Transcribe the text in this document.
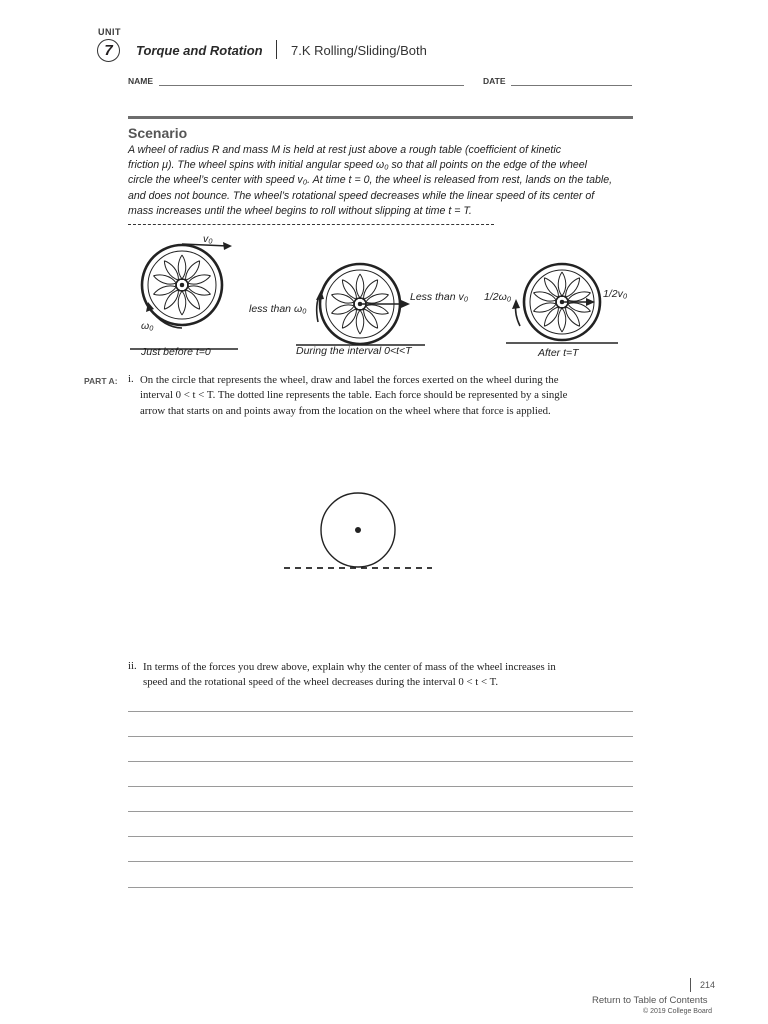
UNIT
7	Torque and Rotation 7.K Rolling/Sliding/Both
NAME	DATE
Scenario
A wheel of radius R and mass M is held at rest just above a rough table (coefficient of kinetic
friction μ). The wheel spins with initial angular speed ω₀ so that all points on the edge of the wheel
circle the wheel’s center with speed v₀. At time t = 0, the wheel is released from rest, lands on the table,
and does not bounce. The wheel’s rotational speed decreases while the linear speed of its center of
mass increases until the wheel begins to roll without slipping at time t = T.
v₀
ω₀
Just before t=0
less than ω₀
Less than v₀
During the interval 0<t<T
1/2ω₀	1/2v₀
After t=T
PART A: i. On the circle that represents the wheel, draw and label the forces exerted on the wheel during the
interval 0 < t < T. The dotted line represents the table. Each force should be represented by a single
arrow that starts on and points away from the location on the wheel where that force is applied.
ii. In terms of the forces you drew above, explain why the center of mass of the wheel increases in
speed and the rotational speed of the wheel decreases during the interval 0 < t < T.
214
Return to Table of Contents
© 2019 College Board
